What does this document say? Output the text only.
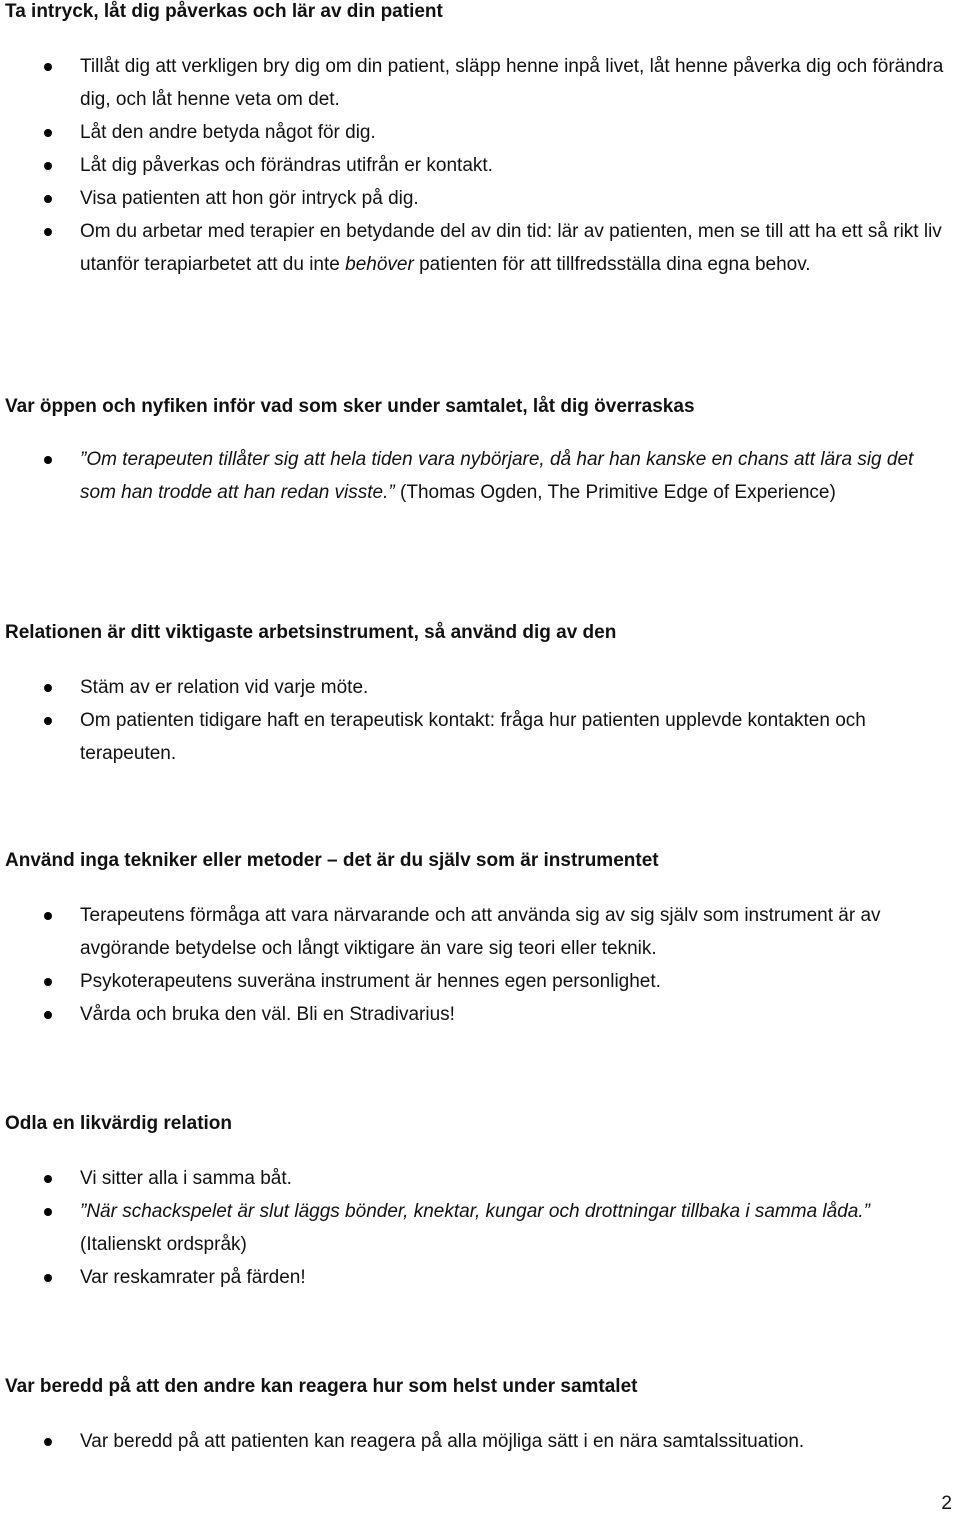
Ta intryck, låt dig påverkas och lär av din patient

Tillåt dig att verkligen bry dig om din patient, släpp henne inpå livet, låt henne påverka dig och förändra dig, och låt henne veta om det.

Låt den andre betyda något för dig.

Låt dig påverkas och förändras utifrån er kontakt.

Visa patienten att hon gör intryck på dig.

Om du arbetar med terapier en betydande del av din tid: lär av patienten, men se till att ha ett så rikt liv utanför terapiarbetet att du inte behöver patienten för att tillfredsställa dina egna behov.

Var öppen och nyfiken inför vad som sker under samtalet, låt dig överraskas

”Om terapeuten tillåter sig att hela tiden vara nybörjare, då har han kanske en chans att lära sig det som han trodde att han redan visste.” (Thomas Ogden, The Primitive Edge of Experience)

Relationen är ditt viktigaste arbetsinstrument, så använd dig av den

Stäm av er relation vid varje möte.

Om patienten tidigare haft en terapeutisk kontakt: fråga hur patienten upplevde kontakten och terapeuten.

Använd inga tekniker eller metoder – det är du själv som är instrumentet

Terapeutens förmåga att vara närvarande och att använda sig av sig själv som instrument är av avgörande betydelse och långt viktigare än vare sig teori eller teknik.

Psykoterapeutens suveräna instrument är hennes egen personlighet.

Vårda och bruka den väl. Bli en Stradivarius!

Odla en likvärdig relation

Vi sitter alla i samma båt.

”När schackspelet är slut läggs bönder, knektar, kungar och drottningar tillbaka i samma låda.” (Italienskt ordspråk)

Var reskamrater på färden!

Var beredd på att den andre kan reagera hur som helst under samtalet

Var beredd på att patienten kan reagera på alla möjliga sätt i en nära samtalssituation.

2
